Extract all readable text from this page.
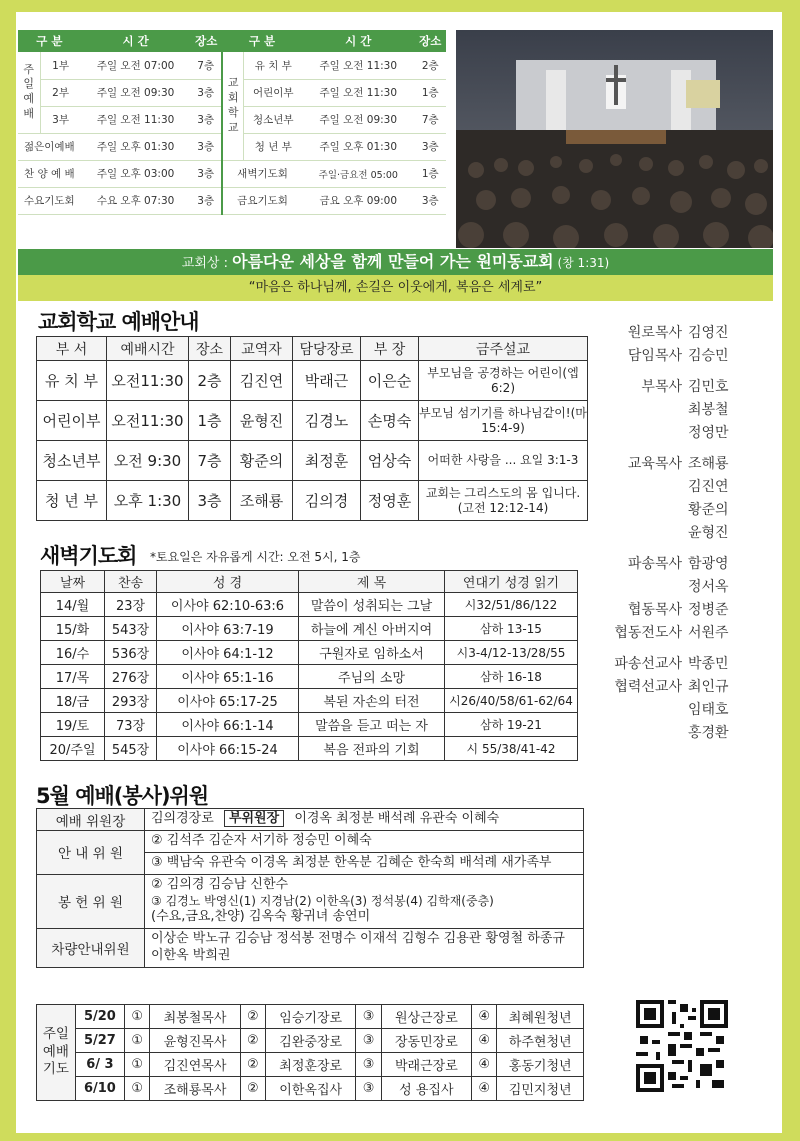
구 분		시 간	장소	구 분		시 간	장소
주일예배	1부	주일 오전 07:00	7층	교회학교	유 치 부	주일 오전 11:30	2층
	2부	주일 오전 09:30	3층		어린이부	주일 오전 11:30	1층
	3부	주일 오전 11:30	3층		청소년부	주일 오전 09:30	7층
젊은이예배		주일 오후 01:30	3층		청 년 부	주일 오후 01:30	3층
찬 양 예 배		주일 오후 03:00	3층	새벽기도회		주일·금요전 05:00	1층
수요기도회		수요 오후 07:30	3층	금요기도회		금요 오후 09:00	3층
교회상 : 아름다운 세상을 함께 만들어 가는 원미동교회 (창 1:31)
“마음은 하나님께, 손길은 이웃에게, 복음은 세계로”
교회학교 예배안내
부 서	예배시간	장소	교역자	담당장로	부 장	금주설교
유 치 부	오전11:30	2층	김진연	박래근	이은순	부모님을 공경하는 어린이(엡6:2)
어린이부	오전11:30	1층	윤형진	김경노	손명숙	부모님 섬기기를 하나님같이!(마 15:4-9)
청소년부	오전 9:30	7층	황준의	최정훈	엄상숙	어떠한 사랑을 ... 요일 3:1-3
청 년 부	오후 1:30	3층	조해룡	김의경	정영훈	교회는 그리스도의 몸 입니다.(고전 12:12-14)
새벽기도회 *토요일은 자유롭게 시간: 오전 5시, 1층
날짜	찬송	성 경	제 목	연대기 성경 읽기
14/월	23장	이사야 62:10-63:6	말씀이 성취되는 그날	시32/51/86/122
15/화	543장	이사야 63:7-19	하늘에 계신 아버지여	삼하 13-15
16/수	536장	이사야 64:1-12	구원자로 임하소서	시3-4/12-13/28/55
17/목	276장	이사야 65:1-16	주님의 소망	삼하 16-18
18/금	293장	이사야 65:17-25	복된 자손의 터전	시26/40/58/61-62/64
19/토	73장	이사야 66:1-14	말씀을 듣고 떠는 자	삼하 19-21
20/주일	545장	이사야 66:15-24	복음 전파의 기회	시 55/38/41-42
원로목사 김영진
담임목사 김승민
부목사 김민호
최봉철
정영만
교육목사 조해룡
김진연
황준의
윤형진
파송목사 함광영
정서옥
협동목사 정병준
협동전도사 서원주
파송선교사 박종민
협력선교사 최인규
임태호
홍경환
5월 예배(봉사)위원
예배 위원장	김의경장로 부위원장 이경옥 최정분 배석례 유관숙 이혜숙
안 내 위 원	② 김석주 김순자 서기하 정승민 이혜숙
	③ 백남숙 유관숙 이경옥 최정분 한옥분 김혜순 한숙희 배석례 새가족부
봉 헌 위 원	② 김의경 김승남 신한수
③ 김경노 박영신(1) 지경남(2) 이한옥(3) 정석봉(4) 김학재(중층)
(수요,금요,찬양) 김옥숙 황귀녀 송연미

차량안내위원	이상순 박노규 김승남 정석봉 전명수 이재석 김형수 김용관 황영철 하종규 이한옥 박희권
주일 예배 기도	5/20	①	최봉철목사	②	임승기장로	③	원상근장로	④	최혜원청년
	5/27	①	윤형진목사	②	김완중장로	③	장동민장로	④	하주현청년
	6/ 3	①	김진연목사	②	최정훈장로	③	박래근장로	④	홍동기청년
	6/10	①	조해룡목사	②	이한옥집사	③	성 용집사	④	김민지청년
